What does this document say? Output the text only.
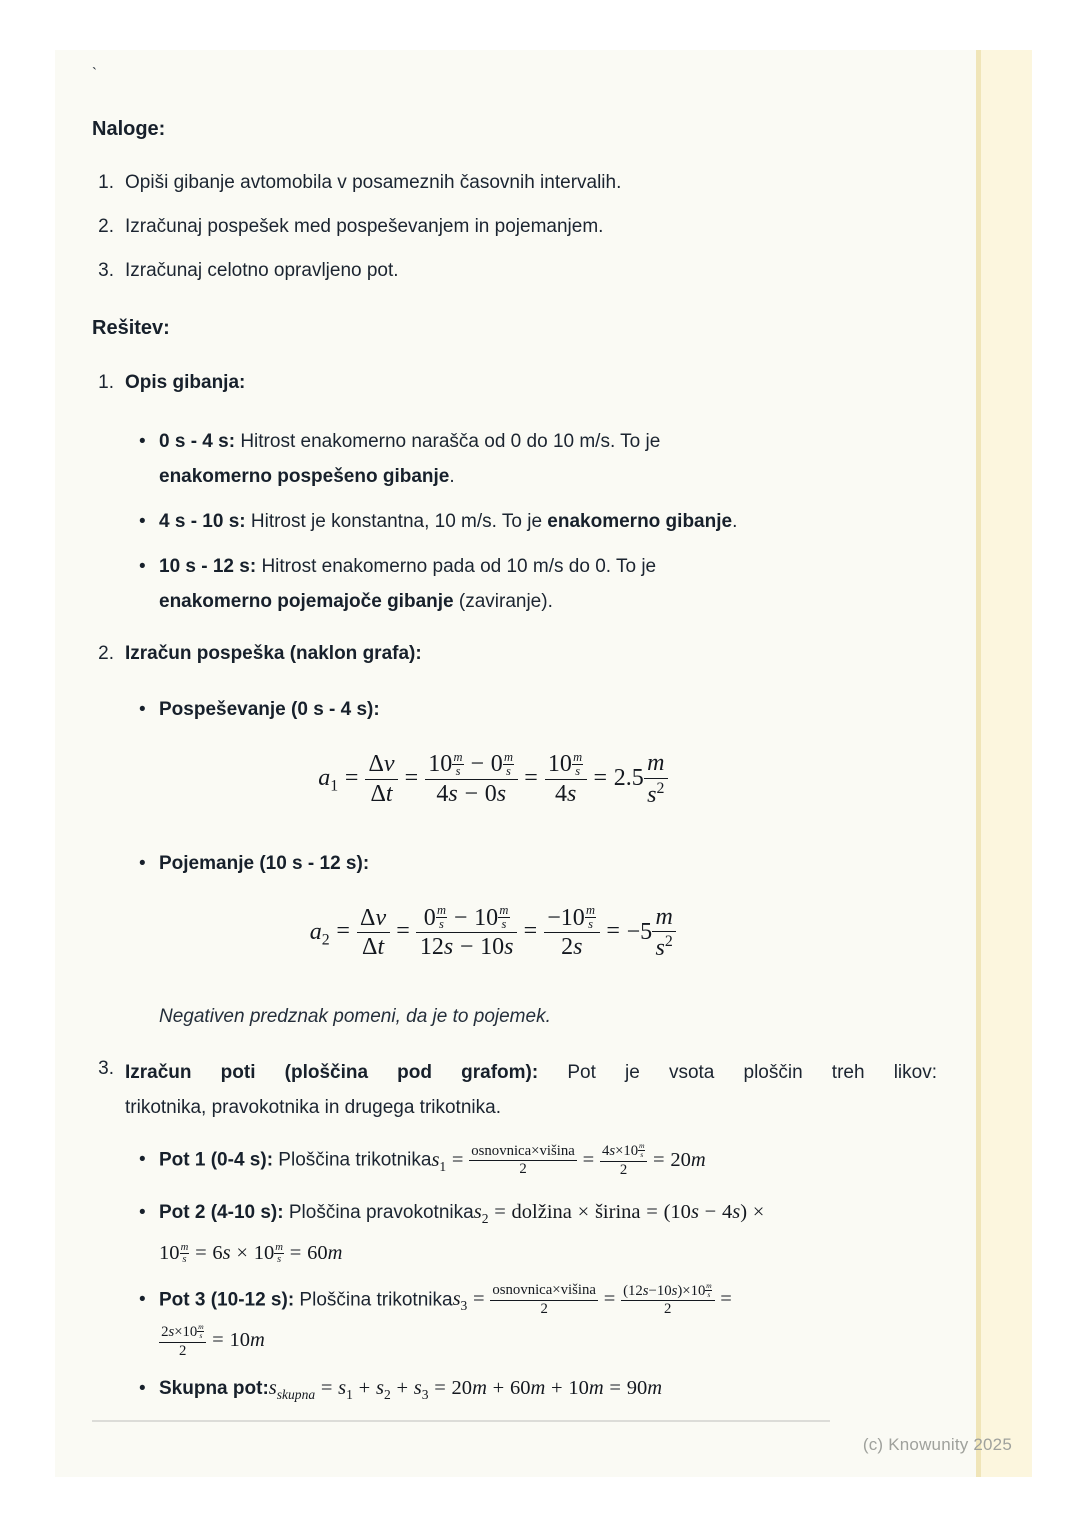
`
Naloge:
1. Opiši gibanje avtomobila v posameznih časovnih intervalih.
2. Izračunaj pospešek med pospeševanjem in pojemanjem.
3. Izračunaj celotno opravljeno pot.
Rešitev:
1. Opis gibanja:
• 0 s - 4 s: Hitrost enakomerno narašča od 0 do 10 m/s. To je
enakomerno pospešeno gibanje.
• 4 s - 10 s: Hitrost je konstantna, 10 m/s. To je enakomerno gibanje.
• 10 s - 12 s: Hitrost enakomerno pada od 10 m/s do 0. To je
enakomerno pojemajoče gibanje (zaviranje).
2. Izračun pospeška (naklon grafa):
• Pospeševanje (0 s - 4 s):
$a_1 = \frac{\Delta v}{\Delta t} = \frac{10 \frac{m}{s} - 0 \frac{m}{s}}{4s - 0s} = \frac{10 \frac{m}{s}}{4s} = 2.5 \frac{m}{s^2}$
• Pojemanje (10 s - 12 s):
$a_2 = \frac{\Delta v}{\Delta t} = \frac{0 \frac{m}{s} - 10 \frac{m}{s}}{12s - 10s} = \frac{-10 \frac{m}{s}}{2s} = -5 \frac{m}{s^2}$
Negativen predznak pomeni, da je to pojemek.
3. Izračun poti (ploščina pod grafom): Pot je vsota ploščin treh likov:
trikotnika, pravokotnika in drugega trikotnika.
• Pot 1 (0-4 s): Ploščina trikotnikas$_1$ = osnovnica×višina
2	= $\frac{4s\times 10 \frac{m}{s}}{2} = 20m$
• Pot 2 (4-10 s): Ploščina pravokotnikas$_2$ = dolžina × širina = (10s − 4s) ×
$10 \frac{m}{s} = 6s \times 10 \frac{m}{s} = 60m$
• Pot 3 (10-12 s): Ploščina trikotnikas$_3$ = osnovnica×višina
2	= $\frac{(12s-10s)\times 10 \frac{m}{s}}{2}$ =
$\frac{2s\times 10 \frac{m}{s}}{2} = 10m$
• Skupna $pot:s_{skupna} = s_1 + s_2 + s_3 = 20m + 60m + 10m = 90m$
(c) Knowunity 2025
